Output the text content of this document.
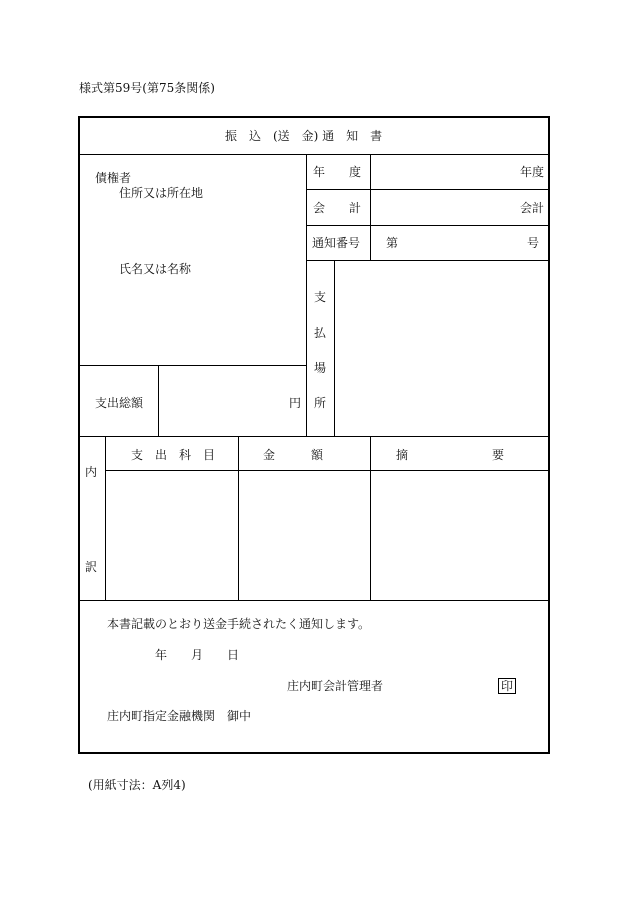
様式第59号(第75条関係)
振　込　(送　金) 通　知　書
債権者
住所又は所在地
氏名又は名称
支出総額	円
年　　度	年度
会　　計	会計
通知番号 第	号
支
払
場
所
内
訳
支　出　科　目	金　　　額	摘　　　　　　　要
本書記載のとおり送金手続されたく通知します。
年　　月　　日
庄内町会計管理者	印
庄内町指定金融機関　御中
(用紙寸法：A列4)
